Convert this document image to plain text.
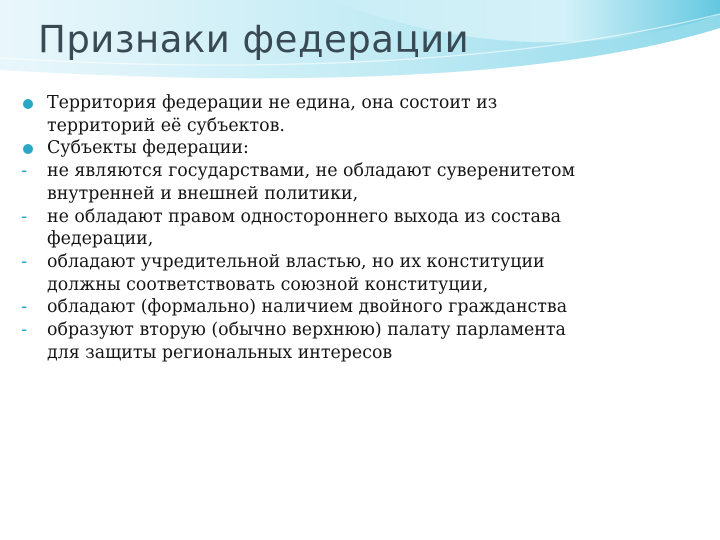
Признаки федерации
Территория федерации не едина, она состоит из
территорий её субъектов.
Субъекты федерации:
- не являются государствами, не обладают суверенитетом
внутренней и внешней политики,
- не обладают правом одностороннего выхода из состава
федерации,
- обладают учредительной властью, но их конституции
должны соответствовать союзной конституции,
- обладают (формально) наличием двойного гражданства
- образуют вторую (обычно верхнюю) палату парламента
для защиты региональных интересов
